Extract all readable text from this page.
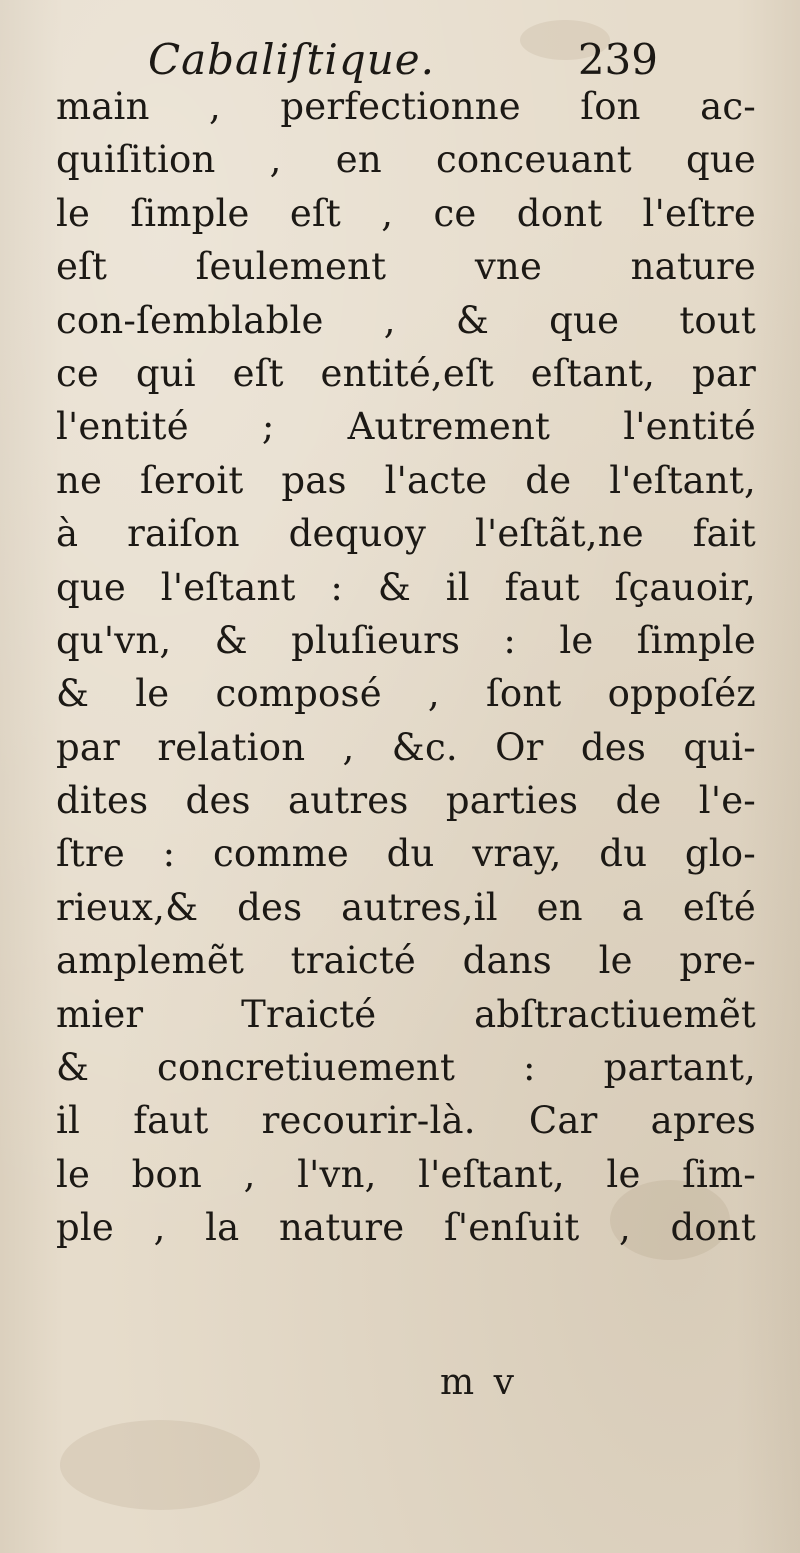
Cabaliſtique.	239
main , perfectionne ſon ac-
quiſition , en conceuant que
le ſimple eſt , ce dont l'eſtre
eſt ſeulement vne nature
con-ſemblable , & que tout
ce qui eſt entité,eſt eſtant, par
l'entité ; Autrement l'entité
ne ſeroit pas l'acte de l'eſtant,
à raiſon dequoy l'eſtãt,ne fait
que l'eſtant : & il faut ſçauoir,
qu'vn, & pluſieurs : le ſimple
& le composé , ſont oppoſéz
par relation , &c. Or des qui-
dites des autres parties de l'e-
ſtre : comme du vray, du glo-
rieux,& des autres,il en a eſté
amplemẽt traicté dans le pre-
mier Traicté abſtractiuemẽt
& concretiuement : partant,
il faut recourir-là. Car apres
le bon , l'vn, l'eſtant, le ſim-
ple , la nature ſ'enſuit , dont
m v
